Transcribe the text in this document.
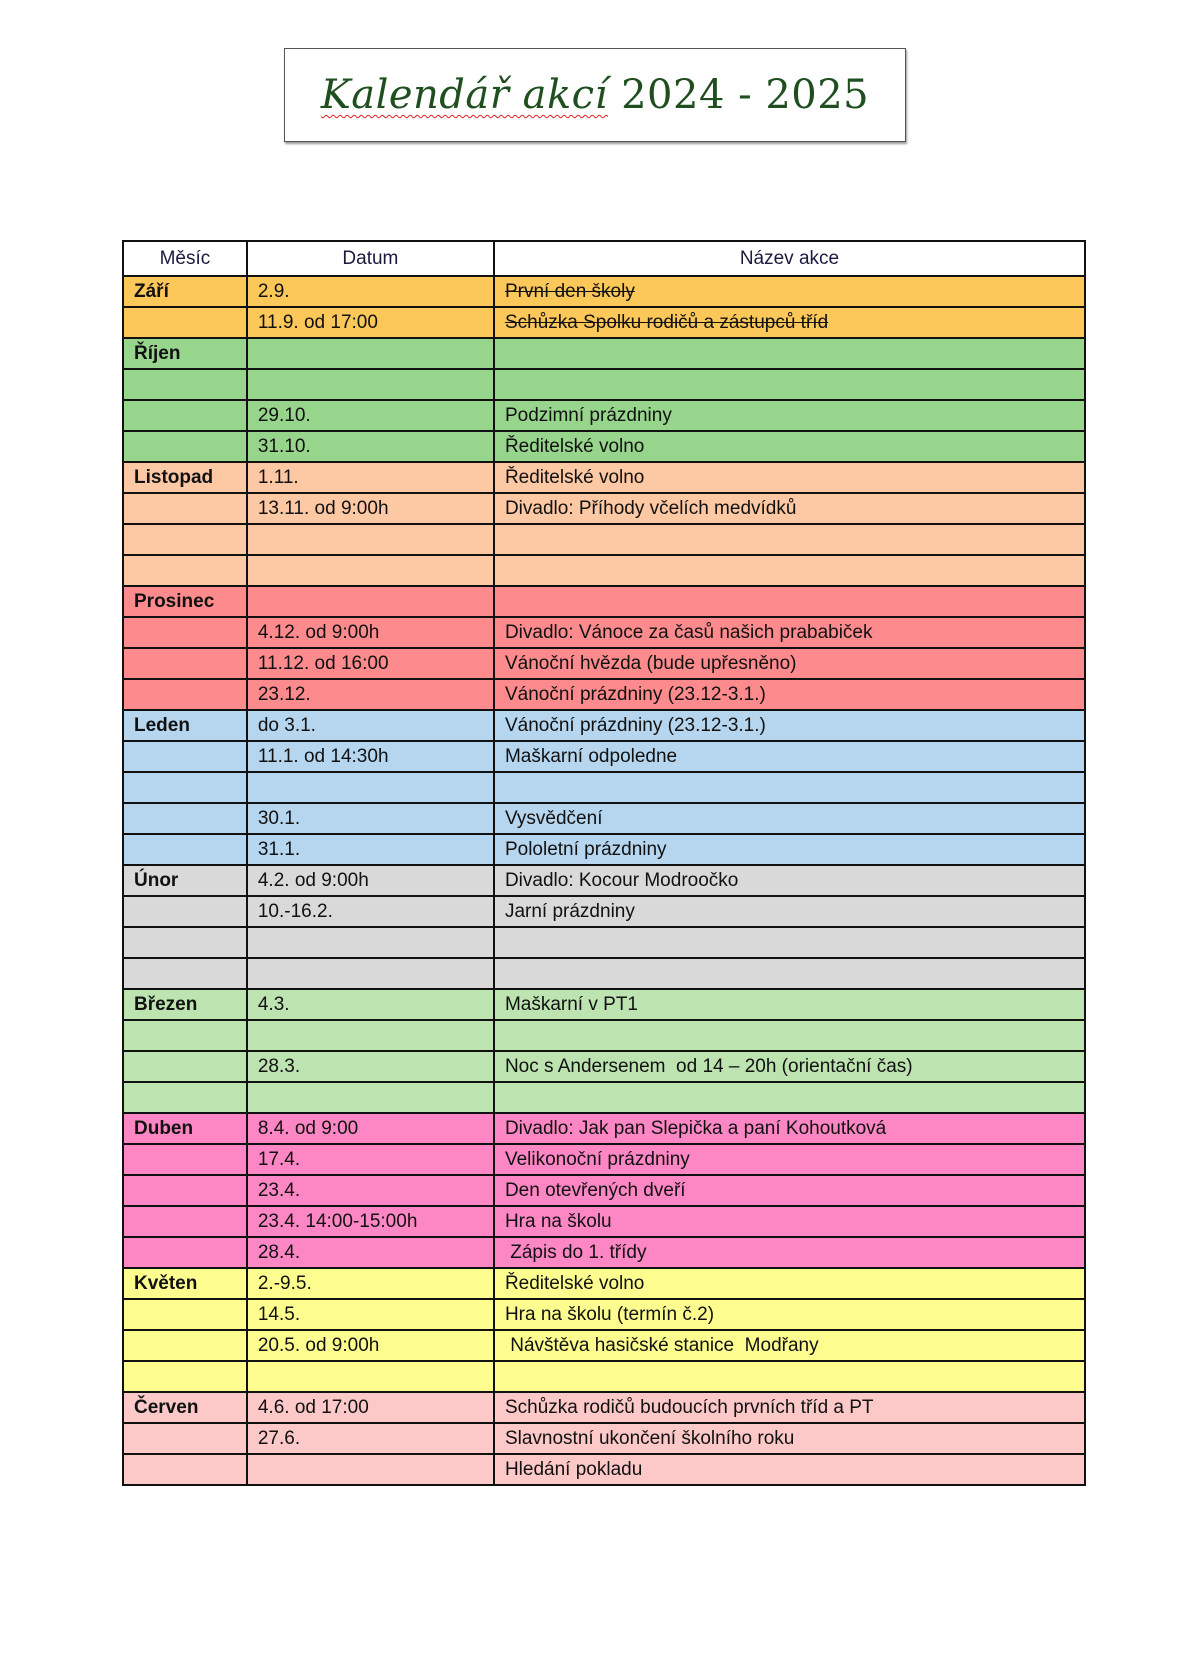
Kalendář akcí 2024 - 2025
Měsíc	Datum	Název akce
Září	2.9.	První den školy
	11.9. od 17:00	Schůzka Spolku rodičů a zástupců tříd
Říjen		

	29.10.	Podzimní prázdniny
	31.10.	Ředitelské volno
Listopad	1.11.	Ředitelské volno
	13.11. od 9:00h	Divadlo: Příhody včelích medvídků

Prosinec		
	4.12. od 9:00h	Divadlo: Vánoce za časů našich prababiček
	11.12. od 16:00	Vánoční hvězda (bude upřesněno)
	23.12.	Vánoční prázdniny (23.12-3.1.)
Leden	do 3.1.	Vánoční prázdniny (23.12-3.1.)
	11.1. od 14:30h	Maškarní odpoledne

	30.1.	Vysvědčení
	31.1.	Pololetní prázdniny
Únor	4.2. od 9:00h	Divadlo: Kocour Modroočko
	10.-16.2.	Jarní prázdniny

Březen	4.3.	Maškarní v PT1

	28.3.	Noc s Andersenem  od 14 – 20h (orientační čas)

Duben	8.4. od 9:00	Divadlo: Jak pan Slepička a paní Kohoutková
	17.4.	Velikonoční prázdniny
	23.4.	Den otevřených dveří
	23.4. 14:00-15:00h	Hra na školu
	28.4.	Zápis do 1. třídy
Květen	2.-9.5.	Ředitelské volno
	14.5.	Hra na školu (termín č.2)
	20.5. od 9:00h	Návštěva hasičské stanice  Modřany

Červen	4.6. od 17:00	Schůzka rodičů budoucích prvních tříd a PT
	27.6.	Slavnostní ukončení školního roku
		Hledání pokladu
